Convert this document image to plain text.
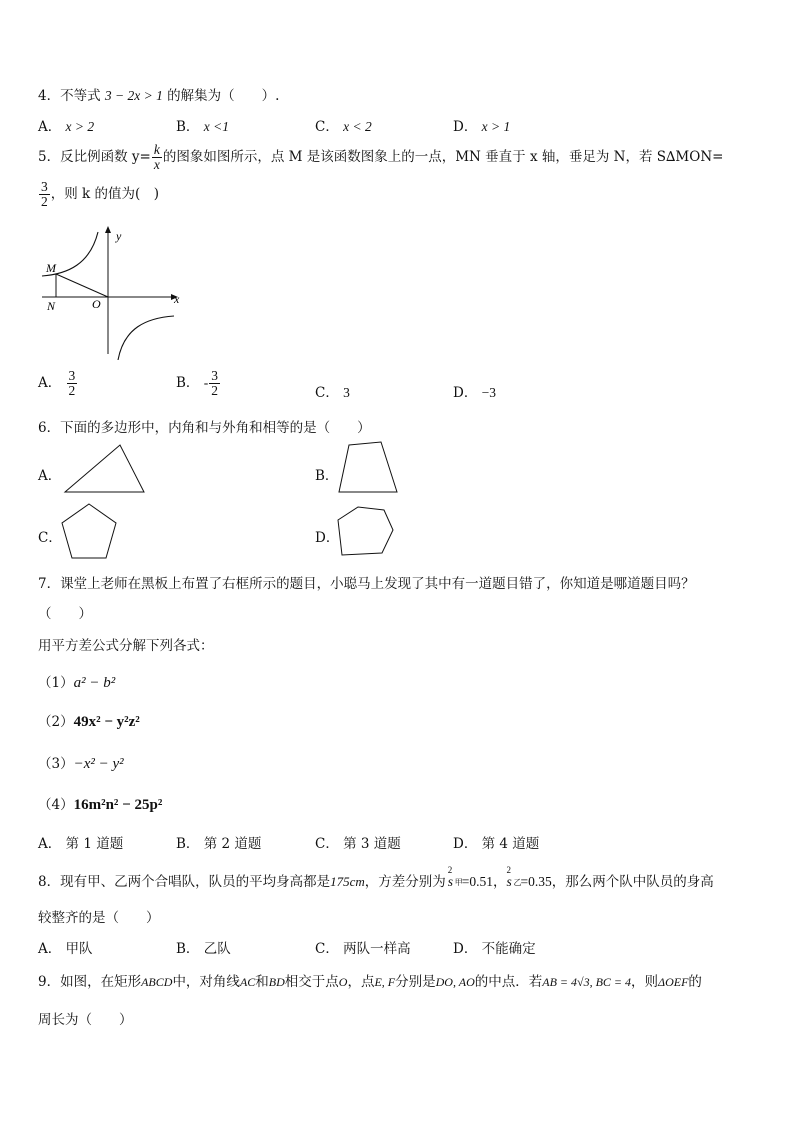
4．不等式 3 − 2x > 1 的解集为（　　）.
A． x > 2	B． x <1	C． x < 2	D． x > 1
5．反比例函数 $y= \frac{k}{x}$ 的图象如图所示，点 M 是该函数图象上的一点，MN 垂直于 x 轴，垂足为 N，若 S∆MON=
$\frac{3}{2}$ ，则 k 的值为(　)
y
x
M
N	O
A． $\frac{3}{2}$	B． - $\frac{3}{2}$	C． 3	D． −3
6．下面的多边形中，内角和与外角和相等的是（　　）
A．	B．
C．	D．
7．课堂上老师在黑板上布置了右框所示的题目，小聪马上发现了其中有一道题目错了，你知道是哪道题目吗？
（　　）
用平方差公式分解下列各式：
（1）a² − b²
（2）49x² − y²z²
（3）−x² − y²
（4）16m²n² − 25p²
A． 第 1 道题	B． 第 2 道题	C． 第 3 道题	D． 第 4 道题
8．现有甲、乙两个合唱队，队员的平均身高都是175cm，方差分别为 s
2
甲 =0.51，s
2
乙 =0.35，那么两个队中队员的身高
较整齐的是（　　）
A． 甲队	B． 乙队	C． 两队一样高	D． 不能确定
9．如图，在矩形ABCD中，对角线AC和BD相交于点O，点E, F分别是DO, AO的中点．若AB = 4√3, BC = 4，则ΔOEF的
周长为（　　）
